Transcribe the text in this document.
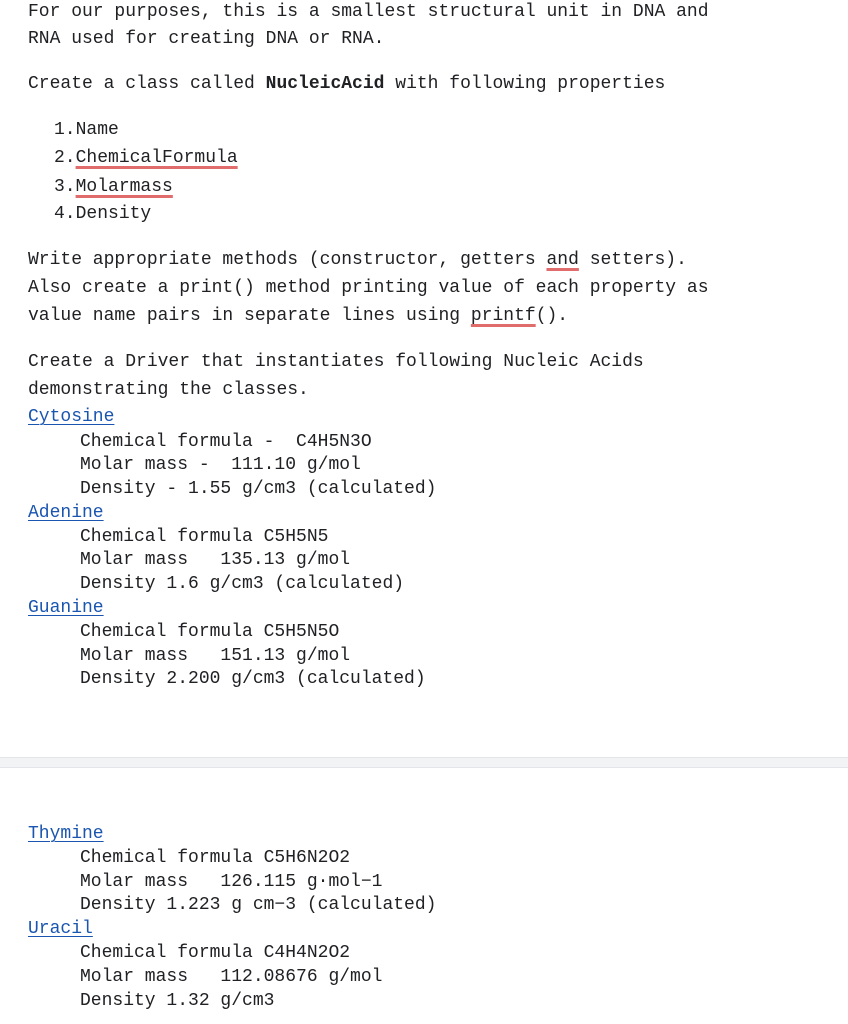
For our purposes, this is a smallest structural unit in DNA and
RNA used for creating DNA or RNA.
Create a class called NucleicAcid with following properties
1.Name
2.ChemicalFormula
3.Molarmass
4.Density
Write appropriate methods (constructor, getters and setters).
Also create a print() method printing value of each property as
value name pairs in separate lines using printf().
Create a Driver that instantiates following Nucleic Acids
demonstrating the classes.
Cytosine
Chemical formula -  C4H5N3O
Molar mass -  111.10 g/mol
Density - 1.55 g/cm3 (calculated)
Adenine
Chemical formula C5H5N5
Molar mass   135.13 g/mol
Density 1.6 g/cm3 (calculated)
Guanine
Chemical formula C5H5N5O
Molar mass   151.13 g/mol
Density 2.200 g/cm3 (calculated)
Thymine
Chemical formula C5H6N2O2
Molar mass   126.115 g·mol−1
Density 1.223 g cm−3 (calculated)
Uracil
Chemical formula C4H4N2O2
Molar mass   112.08676 g/mol
Density 1.32 g/cm3
